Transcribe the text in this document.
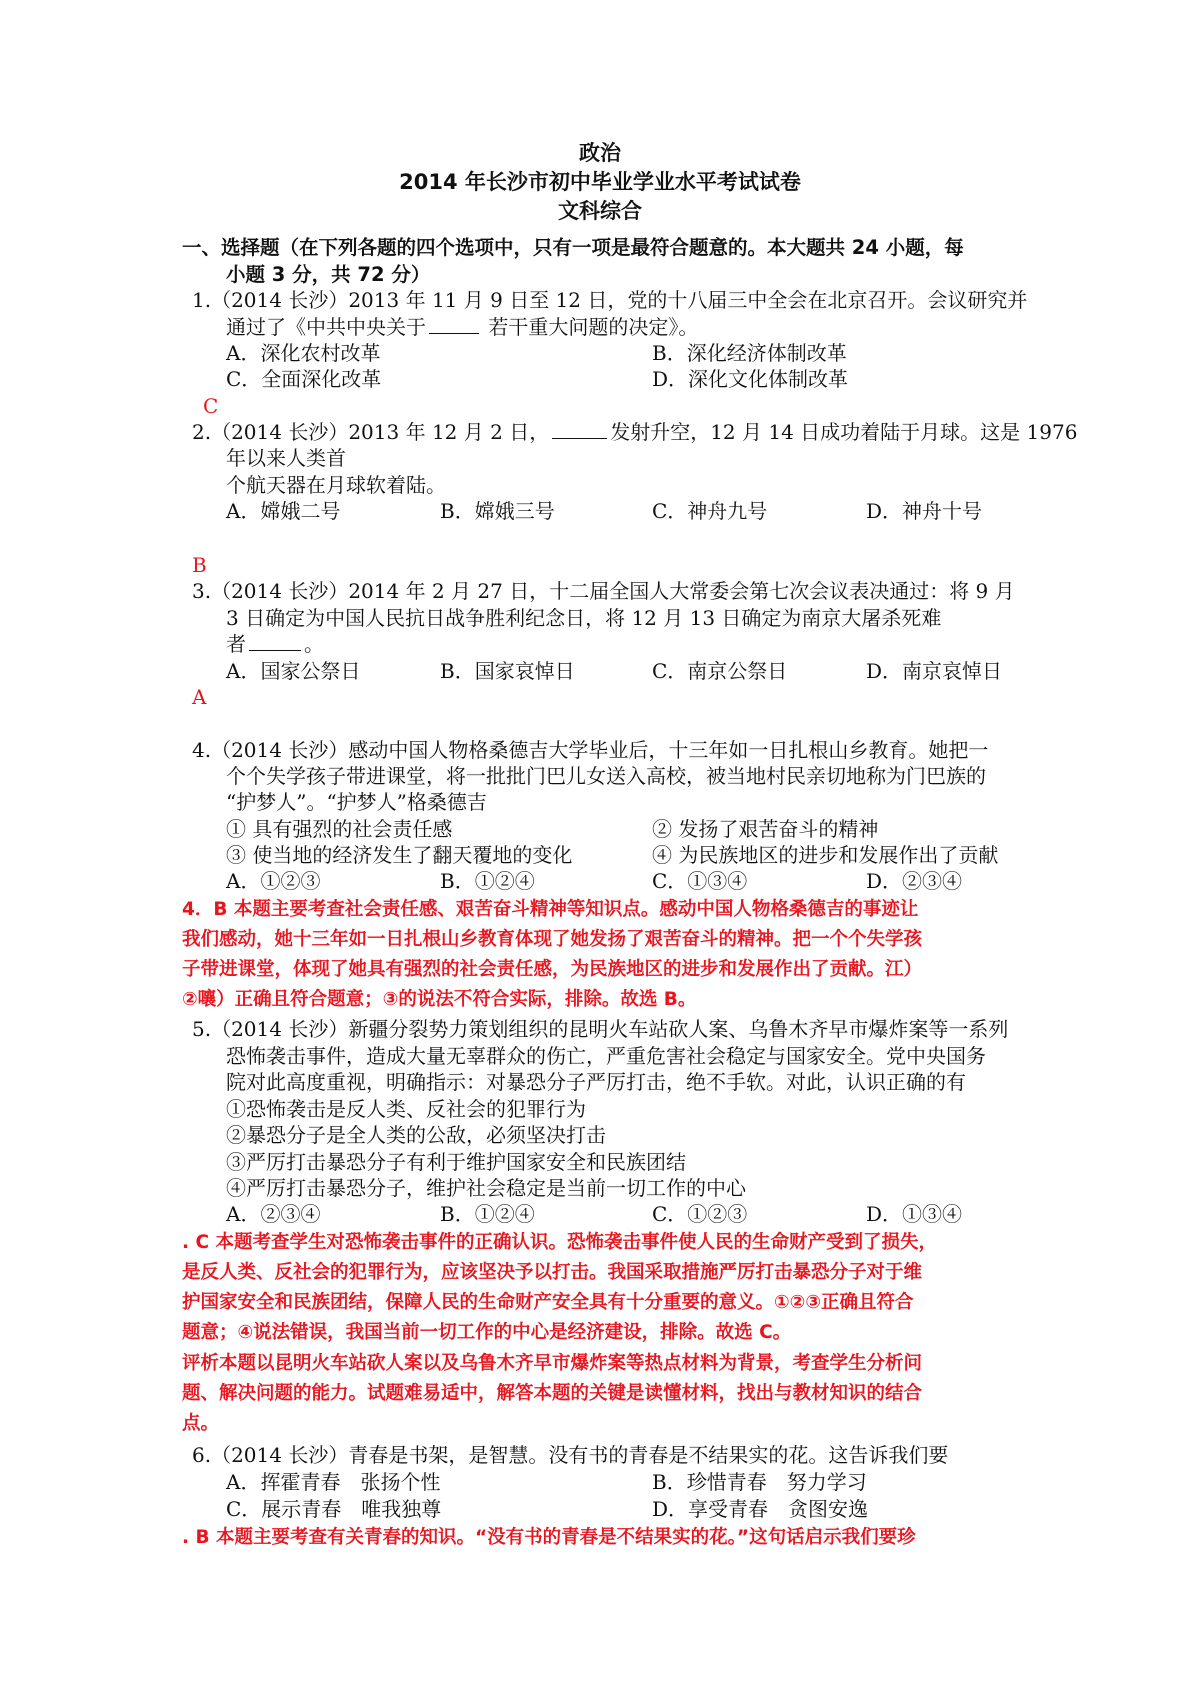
政治
2014 年长沙市初中毕业学业水平考试试卷
文科综合
一、选择题（在下列各题的四个选项中，只有一项是最符合题意的。本大题共 24 小题，每
小题 3 分，共 72 分）
1.（2014 长沙）2013 年 11 月 9 日至 12 日，党的十八届三中全会在北京召开。会议研究并
通过了《中共中央关于	若干重大问题的决定》。
A．深化农村改革	B．深化经济体制改革
C．全面深化改革	D．深化文化体制改革
C
2.（2014 长沙）2013 年 12 月 2 日，	发射升空，12 月 14 日成功着陆于月球。这是 1976
年以来人类首
个航天器在月球软着陆。
A．嫦娥二号	B．嫦娥三号	C．神舟九号	D．神舟十号
B
3.（2014 长沙）2014 年 2 月 27 日，十二届全国人大常委会第七次会议表决通过：将 9 月
3 日确定为中国人民抗日战争胜利纪念日，将 12 月 13 日确定为南京大屠杀死难
者	。
A．国家公祭日	B．国家哀悼日	C．南京公祭日	D．南京哀悼日
A
4.（2014 长沙）感动中国人物格桑德吉大学毕业后，十三年如一日扎根山乡教育。她把一
个个失学孩子带进课堂，将一批批门巴儿女送入高校，被当地村民亲切地称为门巴族的
“护梦人”。“护梦人”格桑德吉
① 具有强烈的社会责任感	② 发扬了艰苦奋斗的精神
③ 使当地的经济发生了翻天覆地的变化	④ 为民族地区的进步和发展作出了贡献
A．①②③	B．①②④	C．①③④	D．②③④
4．B 本题主要考查社会责任感、艰苦奋斗精神等知识点。感动中国人物格桑德吉的事迹让
我们感动，她十三年如一日扎根山乡教育体现了她发扬了艰苦奋斗的精神。把一个个失学孩
子带进课堂，体现了她具有强烈的社会责任感，为民族地区的进步和发展作出了贡献。江）
②嚷）正确且符合题意；③的说法不符合实际，排除。故选 B。
5.（2014 长沙）新疆分裂势力策划组织的昆明火车站砍人案、乌鲁木齐早市爆炸案等一系列
恐怖袭击事件，造成大量无辜群众的伤亡，严重危害社会稳定与国家安全。党中央国务
院对此高度重视，明确指示：对暴恐分子严厉打击，绝不手软。对此，认识正确的有
①恐怖袭击是反人类、反社会的犯罪行为
②暴恐分子是全人类的公敌，必须坚决打击
③严厉打击暴恐分子有利于维护国家安全和民族团结
④严厉打击暴恐分子，维护社会稳定是当前一切工作的中心
A．②③④	B．①②④	C．①②③	D．①③④
. C 本题考查学生对恐怖袭击事件的正确认识。恐怖袭击事件使人民的生命财产受到了损失，
是反人类、反社会的犯罪行为，应该坚决予以打击。我国采取措施严厉打击暴恐分子对于维
护国家安全和民族团结，保障人民的生命财产安全具有十分重要的意义。①②③正确且符合
题意；④说法错误，我国当前一切工作的中心是经济建设，排除。故选 C。
评析本题以昆明火车站砍人案以及乌鲁木齐早市爆炸案等热点材料为背景，考查学生分析问
题、解决问题的能力。试题难易适中，解答本题的关键是读懂材料，找出与教材知识的结合
点。
6.（2014 长沙）青春是书架，是智慧。没有书的青春是不结果实的花。这告诉我们要
A．挥霍青春　张扬个性	B．珍惜青春　努力学习
C．展示青春　唯我独尊	D．享受青春　贪图安逸
. B 本题主要考查有关青春的知识。“没有书的青春是不结果实的花。”这句话启示我们要珍
